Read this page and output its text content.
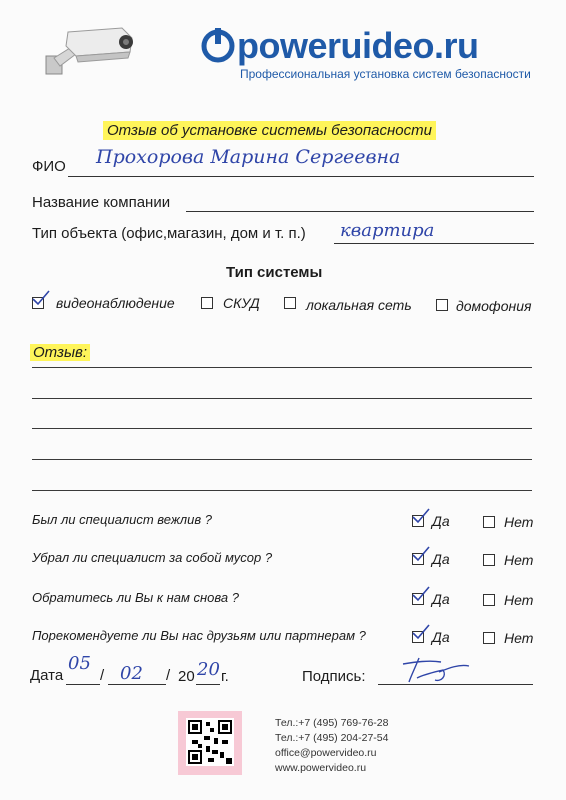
poweruideo.ru
Профессиональная установка систем безопасности
Отзыв об установке системы безопасности
ФИО Прохорова Марина Сергеевна
Название компании
Тип объекта (офис,магазин, дом и т. п.) квартира
Тип системы
видеонаблюдение	СКУД	локальная сеть	домофония
Отзыв:
Был ли специалист вежлив ?	Да	Нет
Убрал ли специалист за собой мусор ?	Да	Нет
Обратитесь ли Вы к нам снова ?	Да	Нет
Порекомендуете ли Вы нас друзьям или партнерам ?	Да	Нет
Дата
05
/ 02 / 20 20 г.	Подпись:
Тел.:+7 (495) 769-76-28
Тел.:+7 (495) 204-27-54
office@powervideo.ru
www.powervideo.ru
